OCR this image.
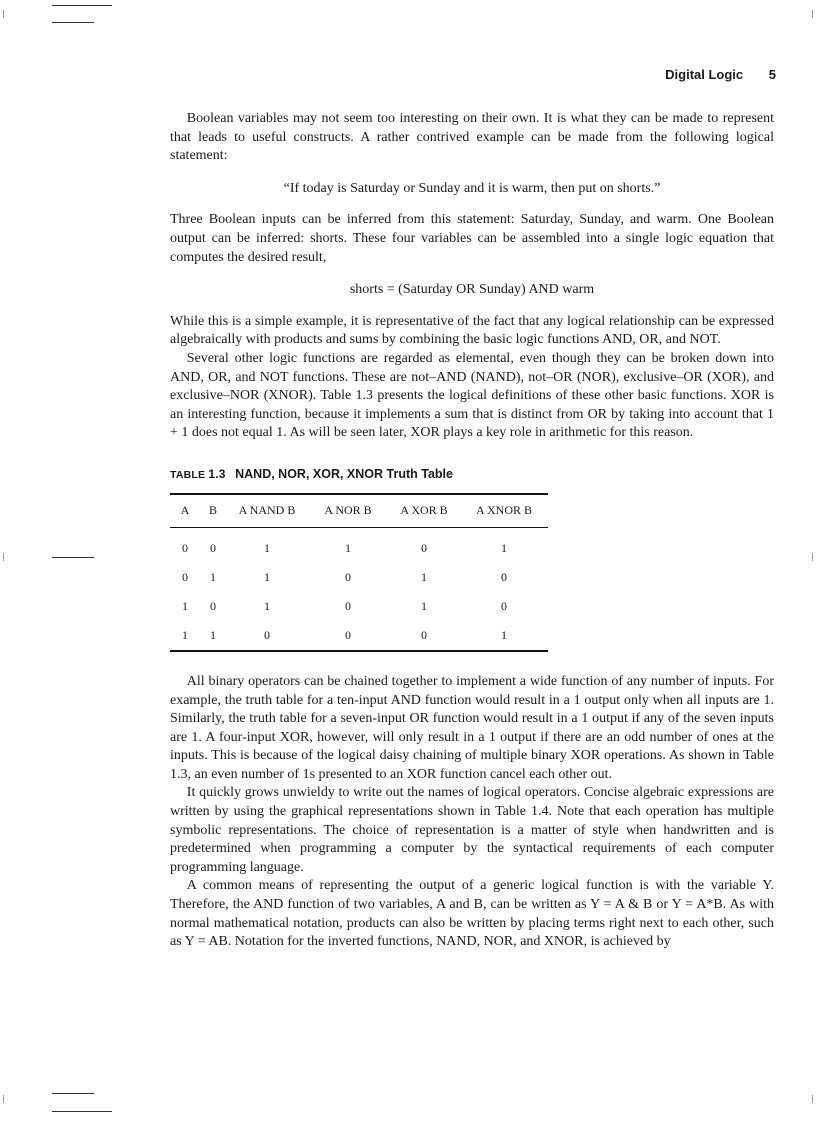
Digital Logic 5

Boolean variables may not seem too interesting on their own. It is what they can be made to represent that leads to useful constructs. A rather contrived example can be made from the following logical statement:

“If today is Saturday or Sunday and it is warm, then put on shorts.”

Three Boolean inputs can be inferred from this statement: Saturday, Sunday, and warm. One Boolean output can be inferred: shorts. These four variables can be assembled into a single logic equation that computes the desired result,

shorts = (Saturday OR Sunday) AND warm

While this is a simple example, it is representative of the fact that any logical relationship can be expressed algebraically with products and sums by combining the basic logic functions AND, OR, and NOT.

Several other logic functions are regarded as elemental, even though they can be broken down into AND, OR, and NOT functions. These are not–AND (NAND), not–OR (NOR), exclusive–OR (XOR), and exclusive–NOR (XNOR). Table 1.3 presents the logical definitions of these other basic functions. XOR is an interesting function, because it implements a sum that is distinct from OR by taking into account that 1 + 1 does not equal 1. As will be seen later, XOR plays a key role in arithmetic for this reason.

TABLE 1.3 NAND, NOR, XOR, XNOR Truth Table
A	B	A NAND B	A NOR B	A XOR B	A XNOR B
0	0	1	1	0	1
0	1	1	0	1	0
1	0	1	0	1	0
1	1	0	0	0	1

All binary operators can be chained together to implement a wide function of any number of inputs. For example, the truth table for a ten-input AND function would result in a 1 output only when all inputs are 1. Similarly, the truth table for a seven-input OR function would result in a 1 output if any of the seven inputs are 1. A four-input XOR, however, will only result in a 1 output if there are an odd number of ones at the inputs. This is because of the logical daisy chaining of multiple binary XOR operations. As shown in Table 1.3, an even number of 1s presented to an XOR function cancel each other out.

It quickly grows unwieldy to write out the names of logical operators. Concise algebraic expressions are written by using the graphical representations shown in Table 1.4. Note that each operation has multiple symbolic representations. The choice of representation is a matter of style when handwritten and is predetermined when programming a computer by the syntactical requirements of each computer programming language.

A common means of representing the output of a generic logical function is with the variable Y. Therefore, the AND function of two variables, A and B, can be written as Y = A & B or Y = A*B. As with normal mathematical notation, products can also be written by placing terms right next to each other, such as Y = AB. Notation for the inverted functions, NAND, NOR, and XNOR, is achieved by
